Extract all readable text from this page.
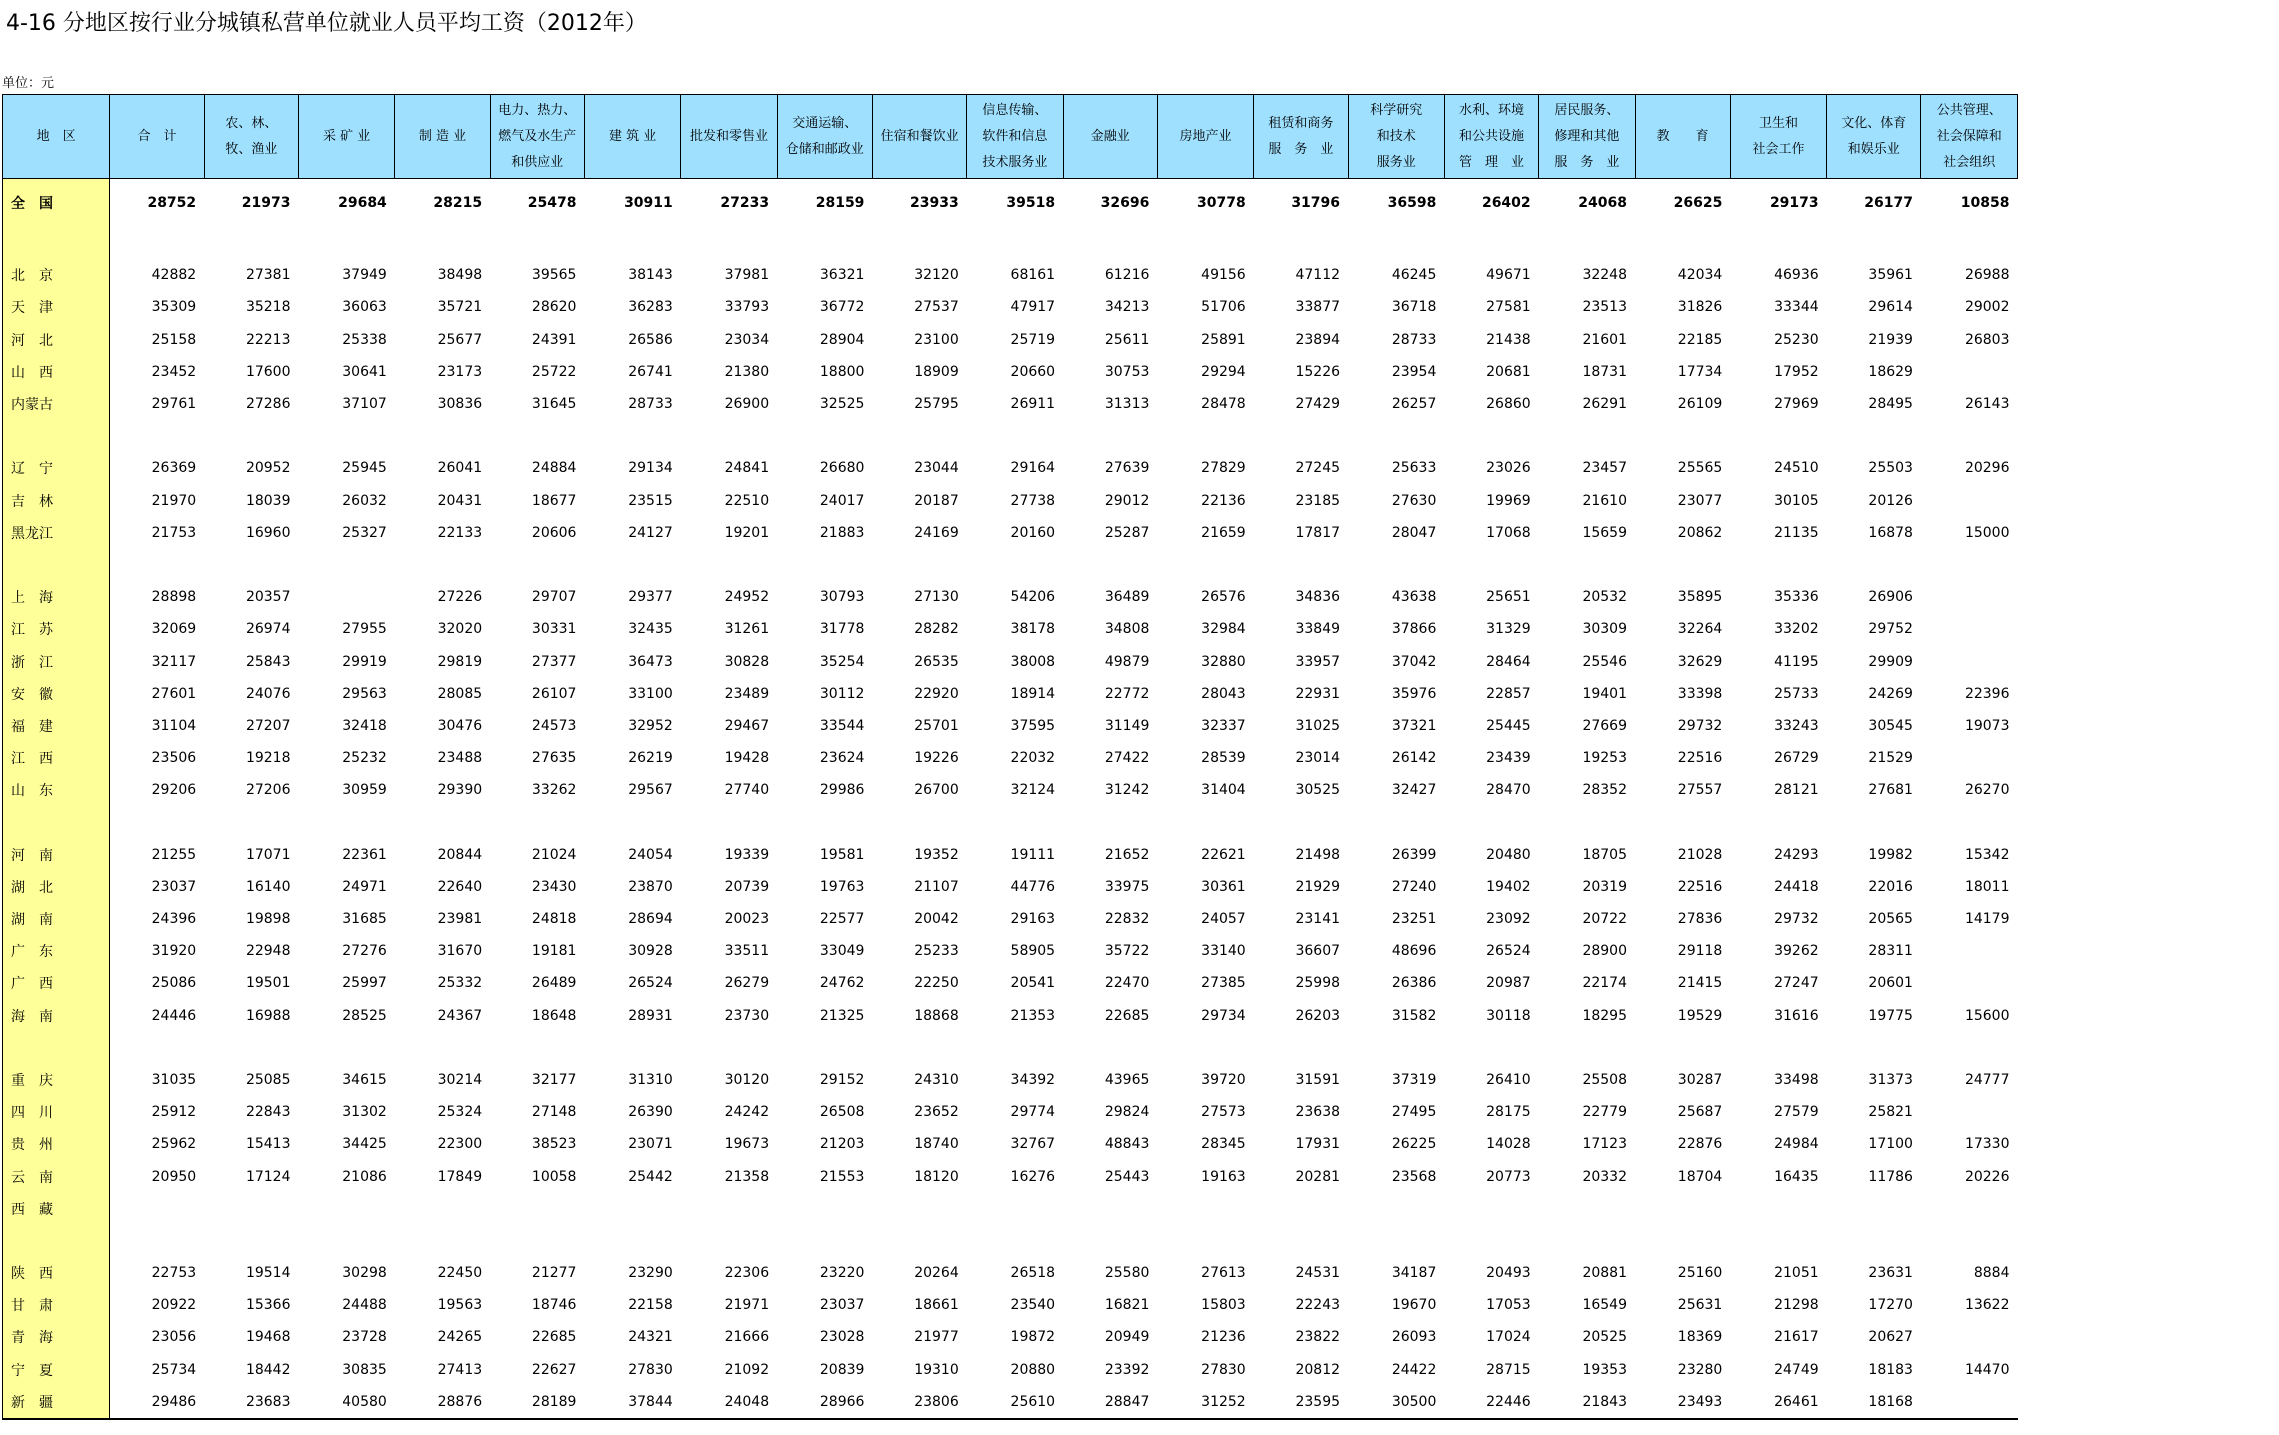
4-16 分地区按行业分城镇私营单位就业人员平均工资（2012年）
单位：元
地　区	合　计	农、林、
牧、渔业	采 矿 业	制 造 业	电力、热力、
燃气及水生产
和供应业	建 筑 业	批发和零售业	交通运输、
仓储和邮政业	住宿和餐饮业	信息传输、
软件和信息
技术服务业	金融业	房地产业	租赁和商务
服　务　业	科学研究
和技术
服务业	水利、环境
和公共设施
管　理　业	居民服务、
修理和其他
服　务　业	教　　育	卫生和
社会工作	文化、体育
和娱乐业	公共管理、
社会保障和
社会组织

全　国	28752	21973	29684	28215	25478	30911	27233	28159	23933	39518	32696	30778	31796	36598	26402	24068	26625	29173	26177	10858

北　京	42882	27381	37949	38498	39565	38143	37981	36321	32120	68161	61216	49156	47112	46245	49671	32248	42034	46936	35961	26988
天　津	35309	35218	36063	35721	28620	36283	33793	36772	27537	47917	34213	51706	33877	36718	27581	23513	31826	33344	29614	29002
河　北	25158	22213	25338	25677	24391	26586	23034	28904	23100	25719	25611	25891	23894	28733	21438	21601	22185	25230	21939	26803
山　西	23452	17600	30641	23173	25722	26741	21380	18800	18909	20660	30753	29294	15226	23954	20681	18731	17734	17952	18629	
内蒙古	29761	27286	37107	30836	31645	28733	26900	32525	25795	26911	31313	28478	27429	26257	26860	26291	26109	27969	28495	26143

辽　宁	26369	20952	25945	26041	24884	29134	24841	26680	23044	29164	27639	27829	27245	25633	23026	23457	25565	24510	25503	20296
吉　林	21970	18039	26032	20431	18677	23515	22510	24017	20187	27738	29012	22136	23185	27630	19969	21610	23077	30105	20126	
黑龙江	21753	16960	25327	22133	20606	24127	19201	21883	24169	20160	25287	21659	17817	28047	17068	15659	20862	21135	16878	15000

上　海	28898	20357		27226	29707	29377	24952	30793	27130	54206	36489	26576	34836	43638	25651	20532	35895	35336	26906	
江　苏	32069	26974	27955	32020	30331	32435	31261	31778	28282	38178	34808	32984	33849	37866	31329	30309	32264	33202	29752	
浙　江	32117	25843	29919	29819	27377	36473	30828	35254	26535	38008	49879	32880	33957	37042	28464	25546	32629	41195	29909	
安　徽	27601	24076	29563	28085	26107	33100	23489	30112	22920	18914	22772	28043	22931	35976	22857	19401	33398	25733	24269	22396
福　建	31104	27207	32418	30476	24573	32952	29467	33544	25701	37595	31149	32337	31025	37321	25445	27669	29732	33243	30545	19073
江　西	23506	19218	25232	23488	27635	26219	19428	23624	19226	22032	27422	28539	23014	26142	23439	19253	22516	26729	21529	
山　东	29206	27206	30959	29390	33262	29567	27740	29986	26700	32124	31242	31404	30525	32427	28470	28352	27557	28121	27681	26270

河　南	21255	17071	22361	20844	21024	24054	19339	19581	19352	19111	21652	22621	21498	26399	20480	18705	21028	24293	19982	15342
湖　北	23037	16140	24971	22640	23430	23870	20739	19763	21107	44776	33975	30361	21929	27240	19402	20319	22516	24418	22016	18011
湖　南	24396	19898	31685	23981	24818	28694	20023	22577	20042	29163	22832	24057	23141	23251	23092	20722	27836	29732	20565	14179
广　东	31920	22948	27276	31670	19181	30928	33511	33049	25233	58905	35722	33140	36607	48696	26524	28900	29118	39262	28311	
广　西	25086	19501	25997	25332	26489	26524	26279	24762	22250	20541	22470	27385	25998	26386	20987	22174	21415	27247	20601	
海　南	24446	16988	28525	24367	18648	28931	23730	21325	18868	21353	22685	29734	26203	31582	30118	18295	19529	31616	19775	15600

重　庆	31035	25085	34615	30214	32177	31310	30120	29152	24310	34392	43965	39720	31591	37319	26410	25508	30287	33498	31373	24777
四　川	25912	22843	31302	25324	27148	26390	24242	26508	23652	29774	29824	27573	23638	27495	28175	22779	25687	27579	25821	
贵　州	25962	15413	34425	22300	38523	23071	19673	21203	18740	32767	48843	28345	17931	26225	14028	17123	22876	24984	17100	17330
云　南	20950	17124	21086	17849	10058	25442	21358	21553	18120	16276	25443	19163	20281	23568	20773	20332	18704	16435	11786	20226
西　藏																				

陕　西	22753	19514	30298	22450	21277	23290	22306	23220	20264	26518	25580	27613	24531	34187	20493	20881	25160	21051	23631	8884
甘　肃	20922	15366	24488	19563	18746	22158	21971	23037	18661	23540	16821	15803	22243	19670	17053	16549	25631	21298	17270	13622
青　海	23056	19468	23728	24265	22685	24321	21666	23028	21977	19872	20949	21236	23822	26093	17024	20525	18369	21617	20627	
宁　夏	25734	18442	30835	27413	22627	27830	21092	20839	19310	20880	23392	27830	20812	24422	28715	19353	23280	24749	18183	14470
新　疆	29486	23683	40580	28876	28189	37844	24048	28966	23806	25610	28847	31252	23595	30500	22446	21843	23493	26461	18168	
